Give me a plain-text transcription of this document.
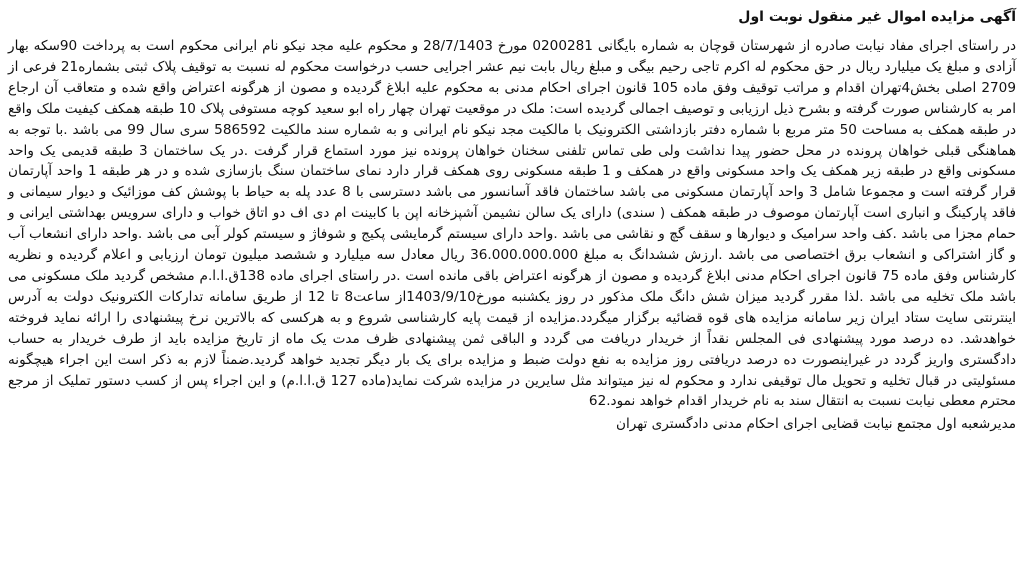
آگهی مزایده اموال غیر منقول نوبت اول

در راستای اجرای مفاد نیابت صادره از شهرستان قوچان به شماره بایگانی 0200281 مورخ 28/7/1403 و محکوم علیه مجد نیکو نام ایرانی محکوم است به پرداخت 90سکه بهار آزادی و مبلغ یک میلیارد ریال در حق محکوم له اکرم تاجی رحیم بیگی و مبلغ ریال بابت نیم عشر اجرایی حسب درخواست محکوم له نسبت به توقیف پلاک ثبتی بشماره21 فرعی از 2709 اصلی بخش4تهران اقدام و مراتب توقیف وفق ماده 105 قانون اجرای احکام مدنی به محکوم علیه ابلاغ گردیده و مصون از هرگونه اعتراض واقع شده و متعاقب آن ارجاع امر به کارشناس صورت گرفته و بشرح ذیل ارزیابی و توصیف اجمالی گردیده است: ملک در موقعیت تهران چهار راه ابو سعید کوچه مستوفی پلاک 10 طبقه همکف کیفیت ملک واقع در طبقه همکف به مساحت 50 متر مربع با شماره دفتر بازداشتی الکترونیک با مالکیت مجد نیکو نام ایرانی و به شماره سند مالکیت 586592 سری سال 99 می باشد .با توجه به هماهنگی قبلی خواهان پرونده در محل حضور پیدا نداشت ولی طی تماس تلفنی سخنان خواهان پرونده نیز مورد استماع قرار گرفت .در یک ساختمان 3 طبقه قدیمی یک واحد مسکونی واقع در طبقه زیر همکف یک واحد مسکونی واقع در همکف و 1 طبقه مسکونی روی همکف قرار دارد نمای ساختمان سنگ بازسازی شده و در هر طبقه 1 واحد آپارتمان قرار گرفته است و مجموعا شامل 3 واحد آپارتمان مسکونی می باشد ساختمان فاقد آسانسور می باشد دسترسی با 8 عدد پله به حیاط با پوشش کف موزائیک و دیوار سیمانی و فاقد پارکینگ و انباری است آپارتمان موصوف در طبقه همکف ( سندی) دارای یک سالن نشیمن آشپزخانه اپن با کابینت ام دی اف دو اتاق خواب و دارای سرویس بهداشتی ایرانی و حمام مجزا می باشد .کف واحد سرامیک و دیوارها و سقف گچ و نقاشی می باشد .واحد دارای سیستم گرمایشی پکیج و شوفاژ و سیستم کولر آبی می باشد .واحد دارای انشعاب آب و گاز اشتراکی و انشعاب برق اختصاصی می باشد .ارزش ششدانگ به مبلغ 36.000.000.000 ریال معادل سه میلیارد و ششصد میلیون تومان ارزیابی و اعلام گردیده و نظریه کارشناس وفق ماده 75 قانون اجرای احکام مدنی ابلاغ گردیده و مصون از هرگونه اعتراض باقی مانده است .در راستای اجرای ماده 138ق.ا.ا.م مشخص گردید ملک مسکونی می باشد ملک تخلیه می باشد .لذا مقرر گردید میزان شش دانگ ملک مذکور در روز یکشنبه مورخ1403/9/10از ساعت8 تا 12 از طریق سامانه تدارکات الکترونیک دولت به آدرس اینترنتی سایت ستاد ایران زیر سامانه مزایده های قوه قضائیه برگزار میگردد.مزایده از قیمت پایه کارشناسی شروع و به هرکسی که بالاترین نرخ پیشنهادی را ارائه نماید فروخته خواهدشد. ده درصد مورد پیشنهادی فی المجلس نقداً از خریدار دریافت می گردد و الباقی ثمن پیشنهادی ظرف مدت یک ماه از تاریخ مزایده باید از طرف خریدار به حساب دادگستری واریز گردد در غیراینصورت ده درصد دریافتی روز مزایده به نفع دولت ضبط و مزایده برای یک بار دیگر تجدید خواهد گردید.ضمناً لازم به ذکر است این اجراء هیچگونه مسئولیتی در قبال تخلیه و تحویل مال توقیفی ندارد و محکوم له نیز میتواند مثل سایرین در مزایده شرکت نماید(ماده 127 ق.ا.ا.م) و این اجراء پس از کسب دستور تملیک از مرجع محترم معطی نیابت نسبت به انتقال سند به نام خریدار اقدام خواهد نمود.62

مدیرشعبه اول مجتمع نیابت قضایی اجرای احکام مدنی دادگستری تهران
